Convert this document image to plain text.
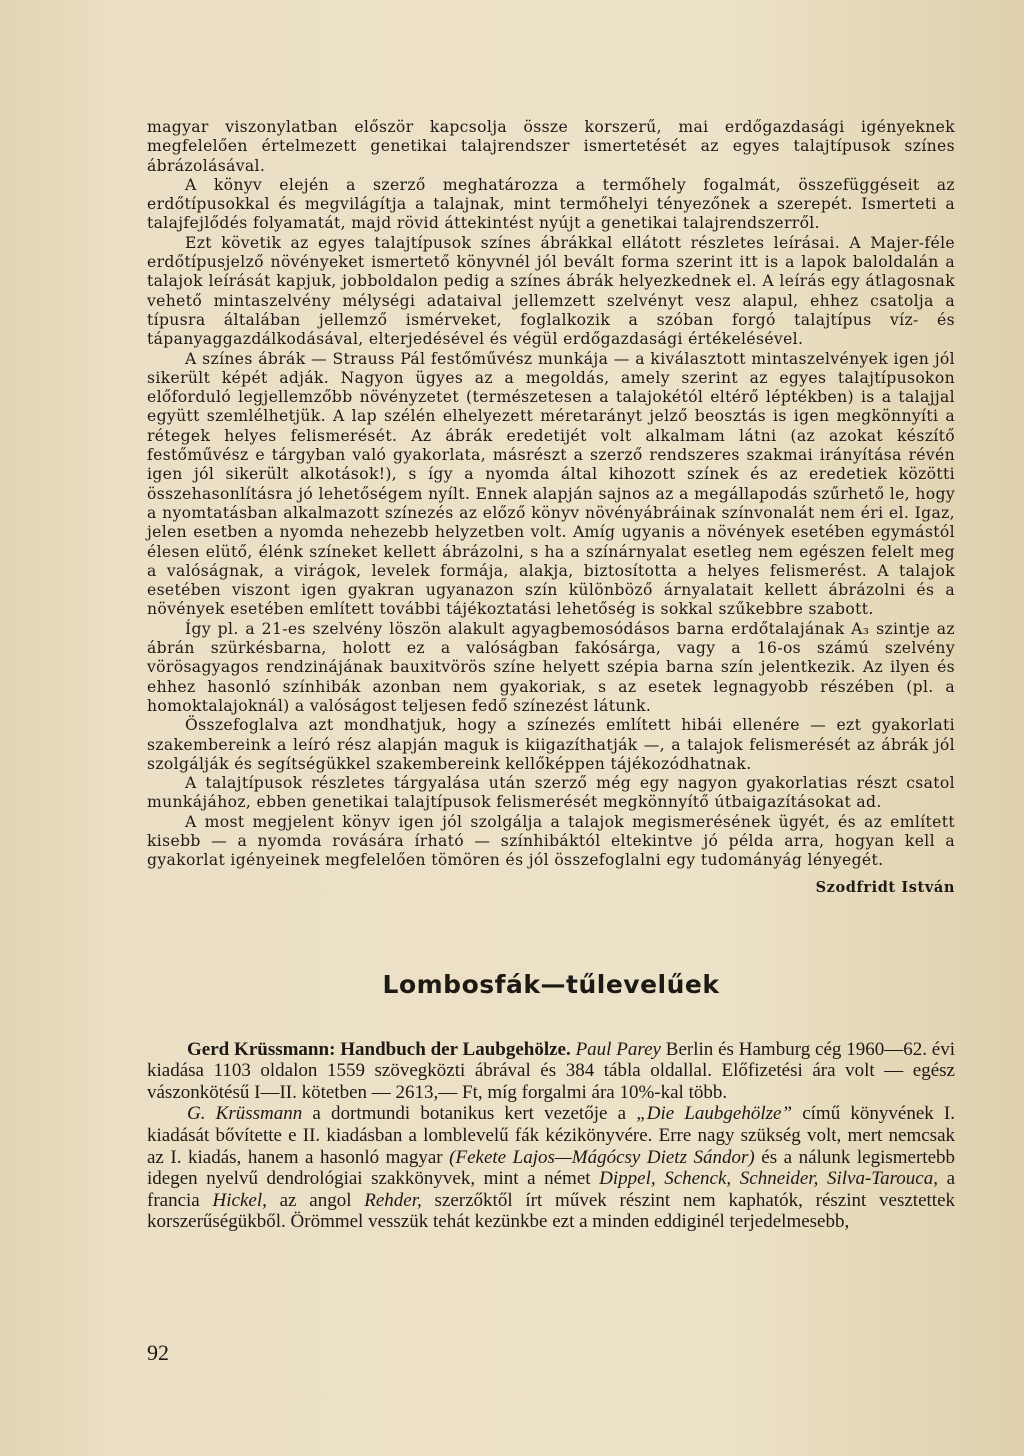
magyar viszonylatban először kapcsolja össze korszerű, mai erdőgazdasági igényeknek megfelelően értelmezett genetikai talajrendszer ismertetését az egyes talajtípusok színes ábrázolásával.

A könyv elején a szerző meghatározza a termőhely fogalmát, összefüggéseit az erdőtípusokkal és megvilágítja a talajnak, mint termőhelyi tényezőnek a szerepét. Ismerteti a talajfejlődés folyamatát, majd rövid áttekintést nyújt a genetikai talajrendszerről.

Ezt követik az egyes talajtípusok színes ábrákkal ellátott részletes leírásai. A Majer-féle erdőtípusjelző növényeket ismertető könyvnél jól bevált forma szerint itt is a lapok baloldalán a talajok leírását kapjuk, jobboldalon pedig a színes ábrák helyezkednek el. A leírás egy átlagosnak vehető mintaszelvény mélységi adataival jellemzett szelvényt vesz alapul, ehhez csatolja a típusra általában jellemző ismérveket, foglalkozik a szóban forgó talajtípus víz- és tápanyaggazdálkodásával, elterjedésével és végül erdőgazdasági értékelésével.

A színes ábrák — Strauss Pál festőművész munkája — a kiválasztott mintaszelvények igen jól sikerült képét adják. Nagyon ügyes az a megoldás, amely szerint az egyes talajtípusokon előforduló legjellemzőbb növényzetet (természetesen a talajokétól eltérő léptékben) is a talajjal együtt szemlélhetjük. A lap szélén elhelyezett méretarányt jelző beosztás is igen megkönnyíti a rétegek helyes felismerését. Az ábrák eredetijét volt alkalmam látni (az azokat készítő festőművész e tárgyban való gyakorlata, másrészt a szerző rendszeres szakmai irányítása révén igen jól sikerült alkotások!), s így a nyomda által kihozott színek és az eredetiek közötti összehasonlításra jó lehetőségem nyílt. Ennek alapján sajnos az a megállapodás szűrhető le, hogy a nyomtatásban alkalmazott színezés az előző könyv növényábráinak színvonalát nem éri el. Igaz, jelen esetben a nyomda nehezebb helyzetben volt. Amíg ugyanis a növények esetében egymástól élesen elütő, élénk színeket kellett ábrázolni, s ha a színárnyalat esetleg nem egészen felelt meg a valóságnak, a virágok, levelek formája, alakja, biztosította a helyes felismerést. A talajok esetében viszont igen gyakran ugyanazon szín különböző árnyalatait kellett ábrázolni és a növények esetében említett további tájékoztatási lehetőség is sokkal szűkebbre szabott.

Így pl. a 21-es szelvény löszön alakult agyagbemosódásos barna erdőtalajának A₃ szintje az ábrán szürkésbarna, holott ez a valóságban fakósárga, vagy a 16-os számú szelvény vörösagyagos rendzinájának bauxitvörös színe helyett szépia barna szín jelentkezik. Az ilyen és ehhez hasonló színhibák azonban nem gyakoriak, s az esetek legnagyobb részében (pl. a homoktalajoknál) a valóságost teljesen fedő színezést látunk.

Összefoglalva azt mondhatjuk, hogy a színezés említett hibái ellenére — ezt gyakorlati szakembereink a leíró rész alapján maguk is kiigazíthatják —, a talajok felismerését az ábrák jól szolgálják és segítségükkel szakembereink kellőképpen tájékozódhatnak.

A talajtípusok részletes tárgyalása után szerző még egy nagyon gyakorlatias részt csatol munkájához, ebben genetikai talajtípusok felismerését megkönnyítő útbaigazításokat ad.

A most megjelent könyv igen jól szolgálja a talajok megismerésének ügyét, és az említett kisebb — a nyomda rovására írható — színhibáktól eltekintve jó példa arra, hogyan kell a gyakorlat igényeinek megfelelően tömören és jól összefoglalni egy tudományág lényegét.

Szodfridt István
Lombosfák—tűlevelűek

Gerd Krüssmann: Handbuch der Laubgehölze. Paul Parey Berlin és Hamburg cég 1960—62. évi kiadása 1103 oldalon 1559 szövegközti ábrával és 384 tábla oldallal. Előfizetési ára volt — egész vászonkötésű I—II. kötetben — 2613,— Ft, míg forgalmi ára 10%-kal több.

G. Krüssmann a dortmundi botanikus kert vezetője a „Die Laubgehölze” című könyvének I. kiadását bővítette e II. kiadásban a lomblevelű fák kézikönyvére. Erre nagy szükség volt, mert nemcsak az I. kiadás, hanem a hasonló magyar (Fekete Lajos—Mágócsy Dietz Sándor) és a nálunk legismertebb idegen nyelvű dendrológiai szakkönyvek, mint a német Dippel, Schenck, Schneider, Silva-Tarouca, a francia Hickel, az angol Rehder, szerzőktől írt művek részint nem kaphatók, részint vesztettek korszerűségükből. Örömmel vesszük tehát kezünkbe ezt a minden eddiginél terjedelmesebb,

92
